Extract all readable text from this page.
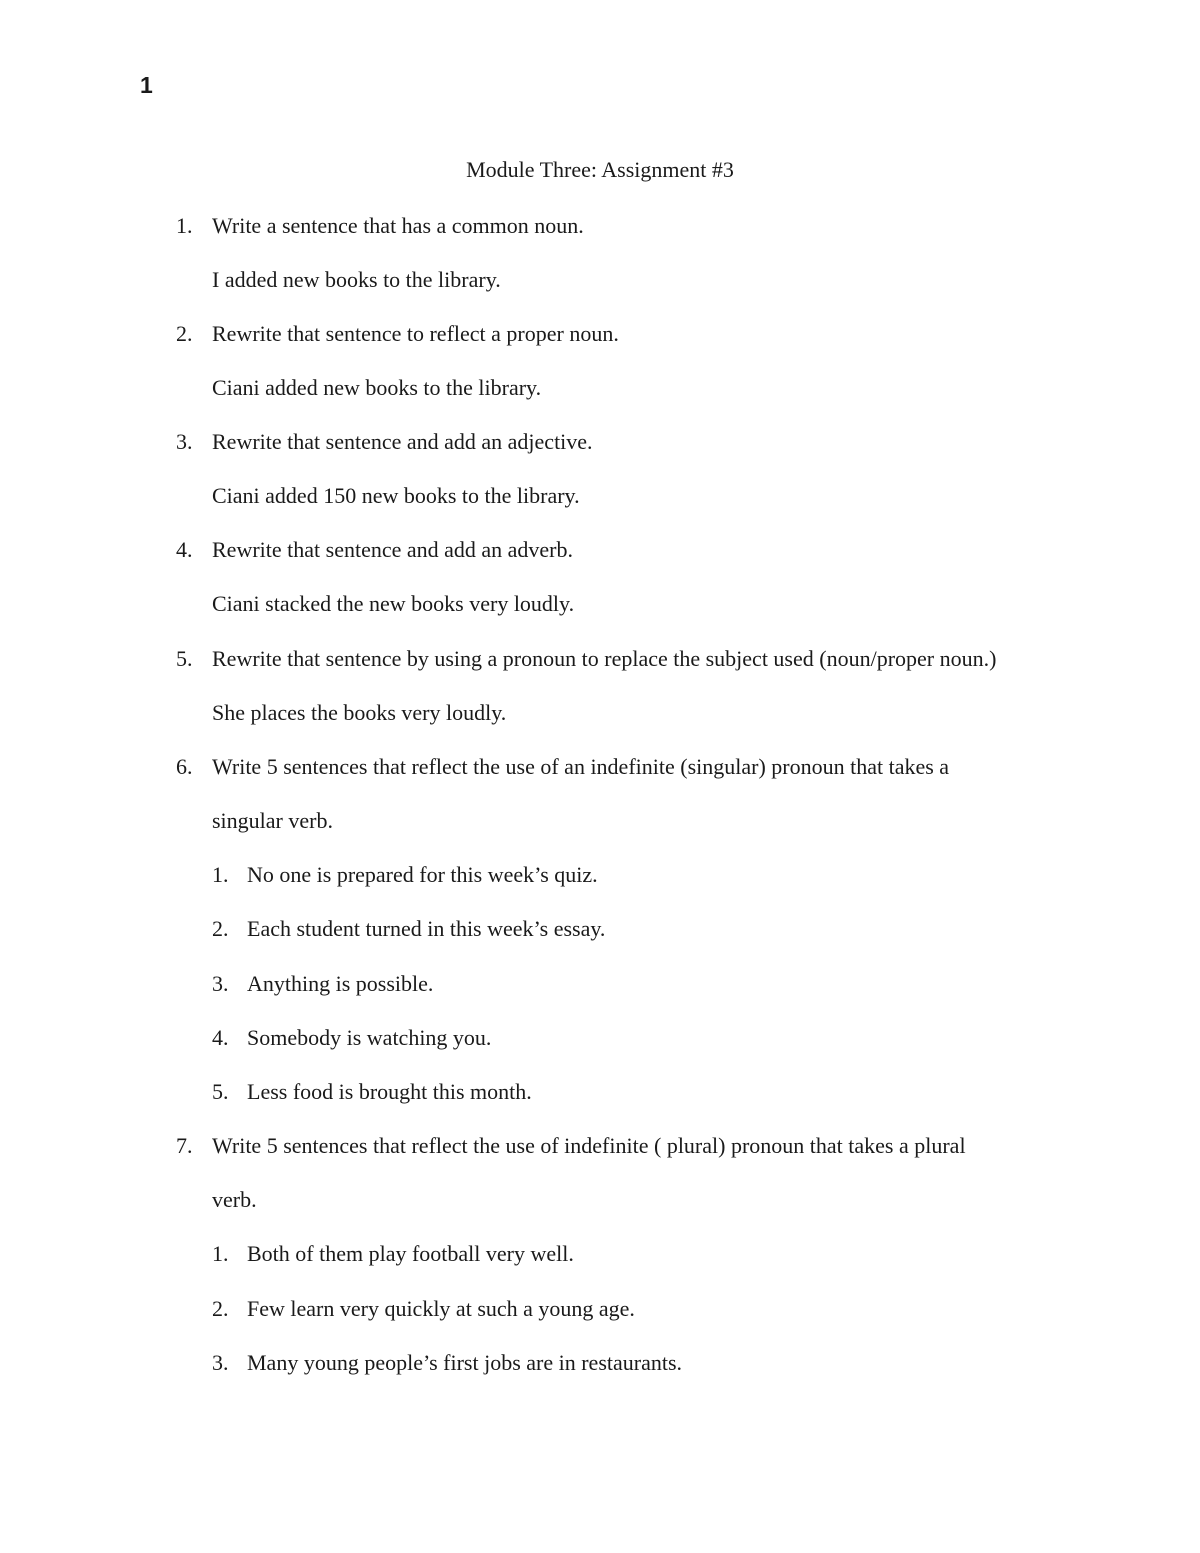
1
Module Three: Assignment #3
1. Write a sentence that has a common noun.
I added new books to the library.
2. Rewrite that sentence to reflect a proper noun.
Ciani added new books to the library.
3. Rewrite that sentence and add an adjective.
Ciani added 150 new books to the library.
4. Rewrite that sentence and add an adverb.
Ciani stacked the new books very loudly.
5. Rewrite that sentence by using a pronoun to replace the subject used (noun/proper noun.)
She places the books very loudly.
6. Write 5 sentences that reflect the use of an indefinite (singular) pronoun that takes a
singular verb.
1. No one is prepared for this week’s quiz.
2. Each student turned in this week’s essay.
3. Anything is possible.
4. Somebody is watching you.
5. Less food is brought this month.
7. Write 5 sentences that reflect the use of indefinite ( plural) pronoun that takes a plural
verb.
1. Both of them play football very well.
2. Few learn very quickly at such a young age.
3. Many young people’s first jobs are in restaurants.
